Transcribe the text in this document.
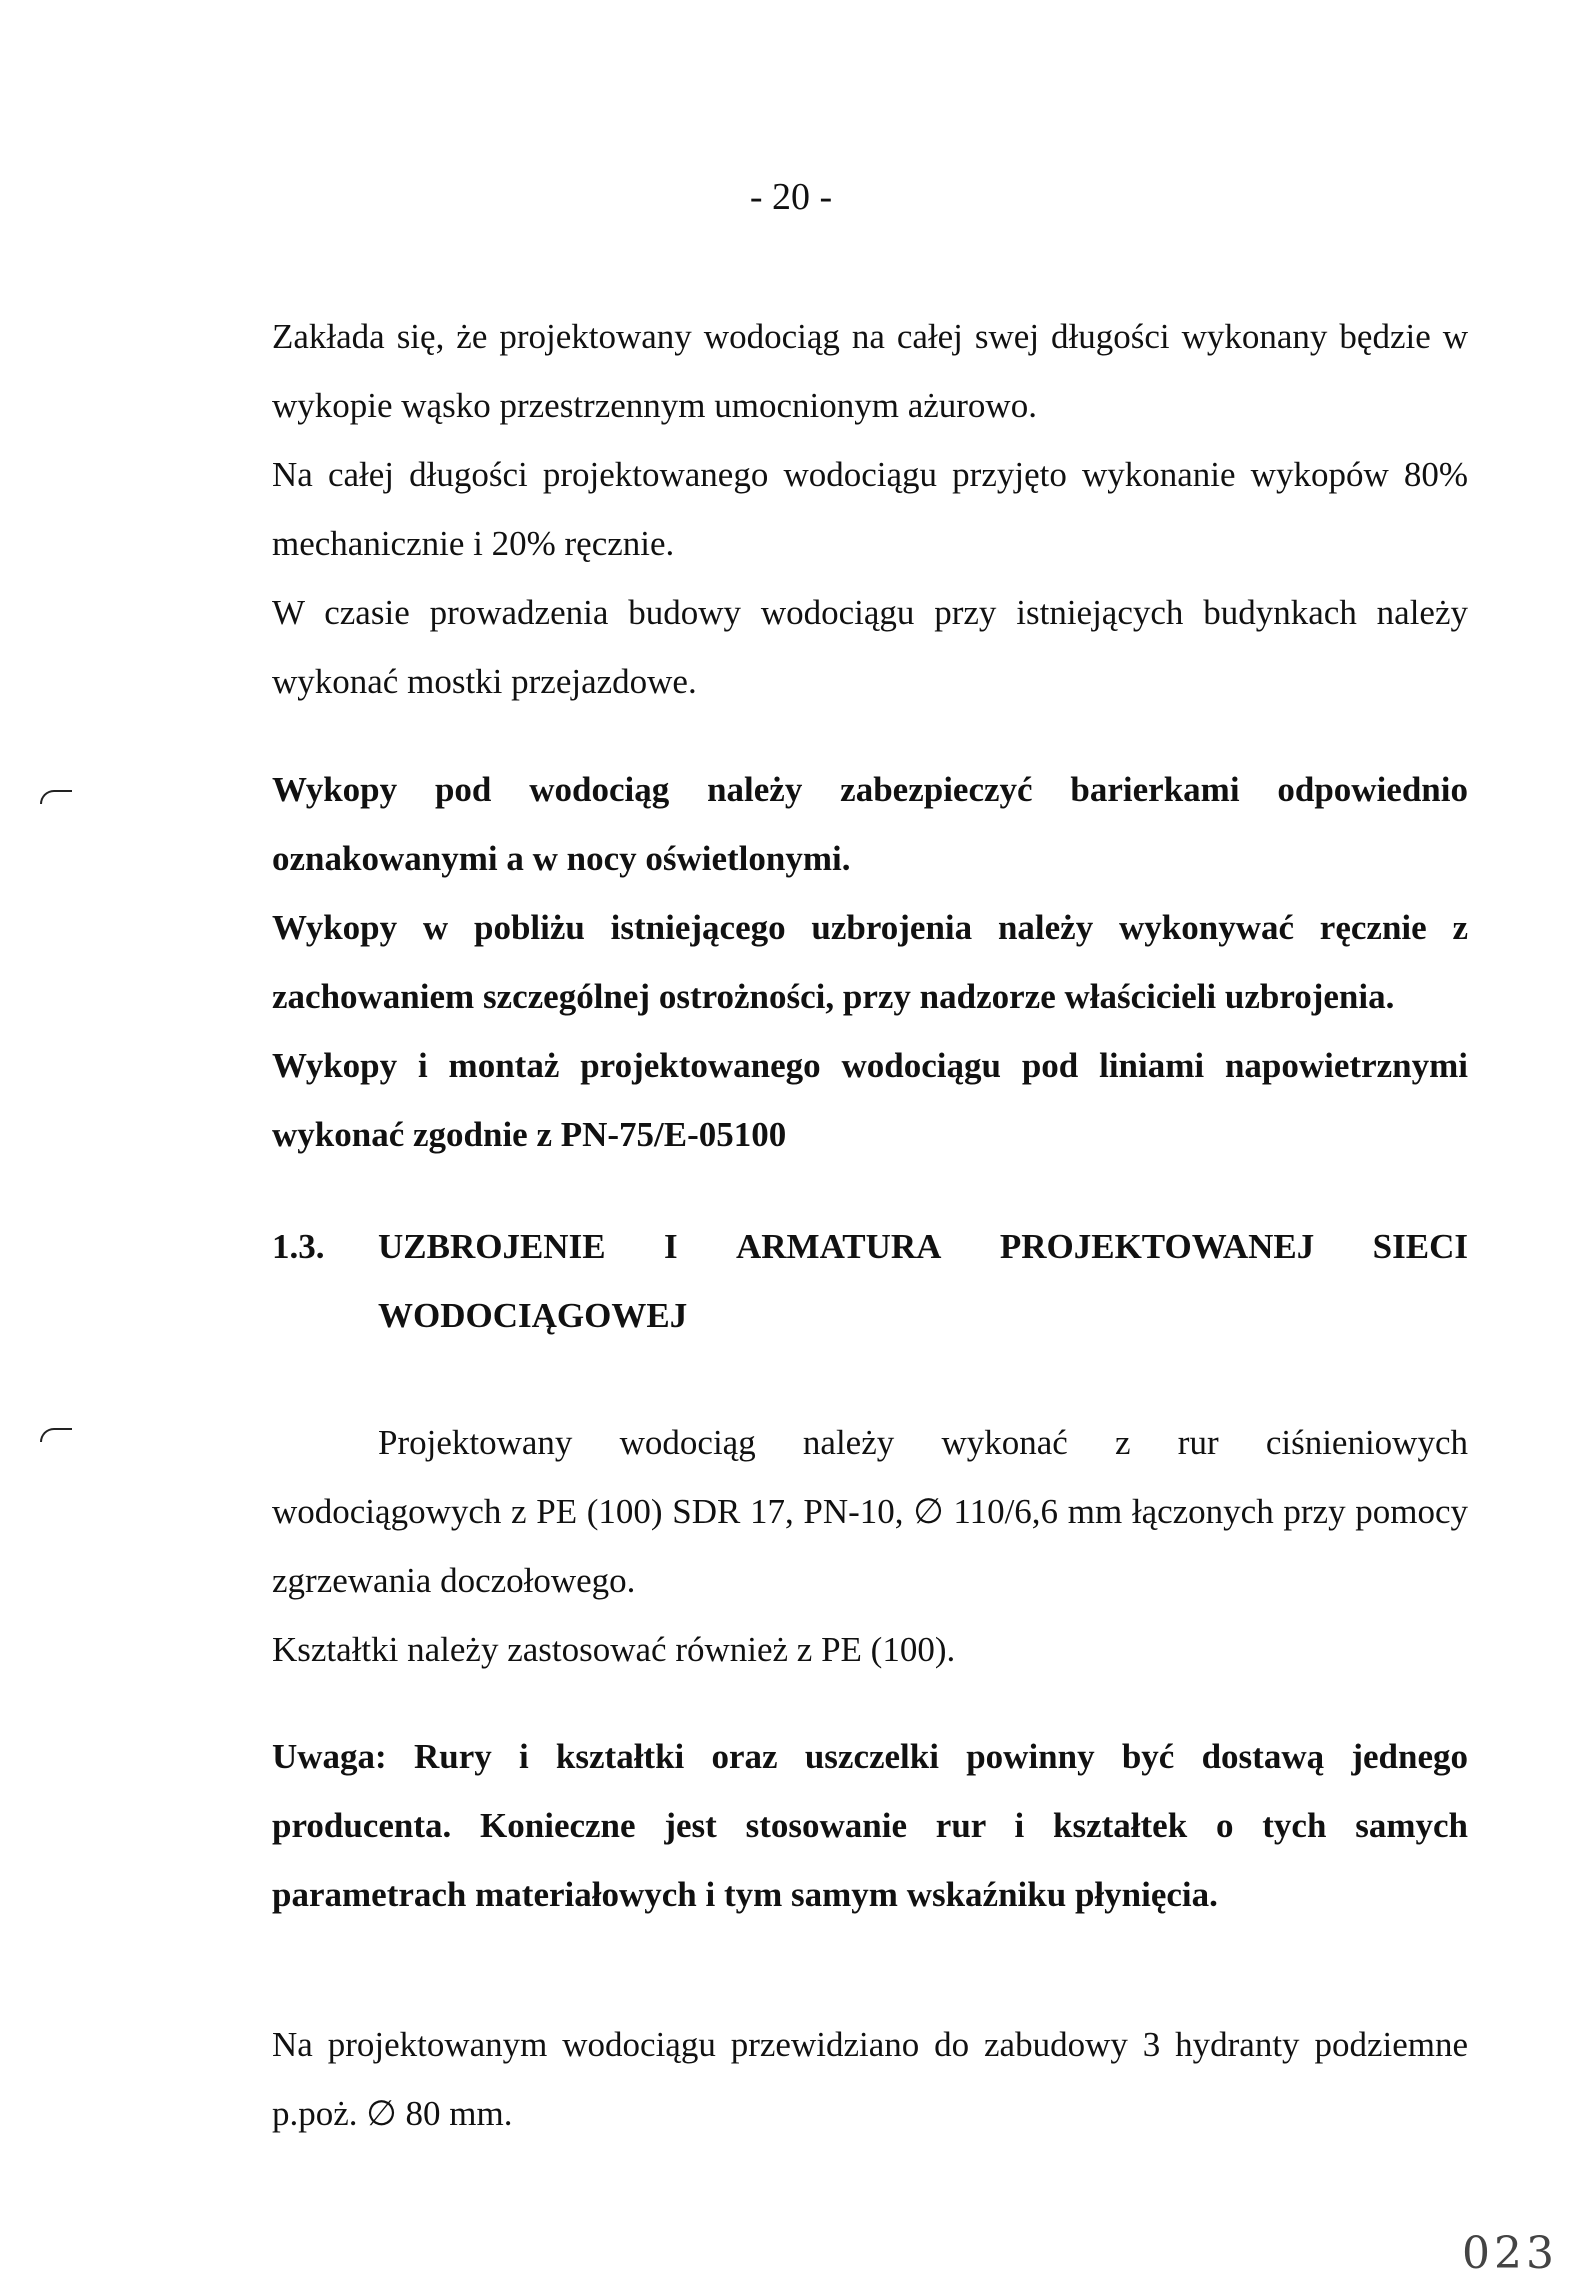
- 20 -

Zakłada się, że projektowany wodociąg na całej swej długości wykonany będzie w wykopie wąsko przestrzennym umocnionym ażurowo.

Na całej długości projektowanego wodociągu przyjęto wykonanie wykopów 80% mechanicznie i 20% ręcznie.

W czasie prowadzenia budowy wodociągu przy istniejących budynkach należy wykonać mostki przejazdowe.

Wykopy pod wodociąg należy zabezpieczyć barierkami odpowiednio oznakowanymi a w nocy oświetlonymi.

Wykopy w pobliżu istniejącego uzbrojenia należy wykonywać ręcznie z zachowaniem szczególnej ostrożności, przy nadzorze właścicieli uzbrojenia.

Wykopy i montaż projektowanego wodociągu pod liniami napowietrznymi wykonać zgodnie z PN-75/E-05100

1.3.	UZBROJENIE I ARMATURA PROJEKTOWANEJ SIECI
WODOCIĄGOWEJ

Projektowany wodociąg należy wykonać z rur ciśnieniowych wodociągowych z PE (100) SDR 17, PN-10, ∅ 110/6,6 mm łączonych przy pomocy zgrzewania doczołowego.

Kształtki należy zastosować również z PE (100).

Uwaga: Rury i kształtki oraz uszczelki powinny być dostawą jednego producenta. Konieczne jest stosowanie rur i kształtek o tych samych parametrach materiałowych i tym samym wskaźniku płynięcia.

Na projektowanym wodociągu przewidziano do zabudowy 3 hydranty podziemne p.poż. ∅ 80 mm.

023
